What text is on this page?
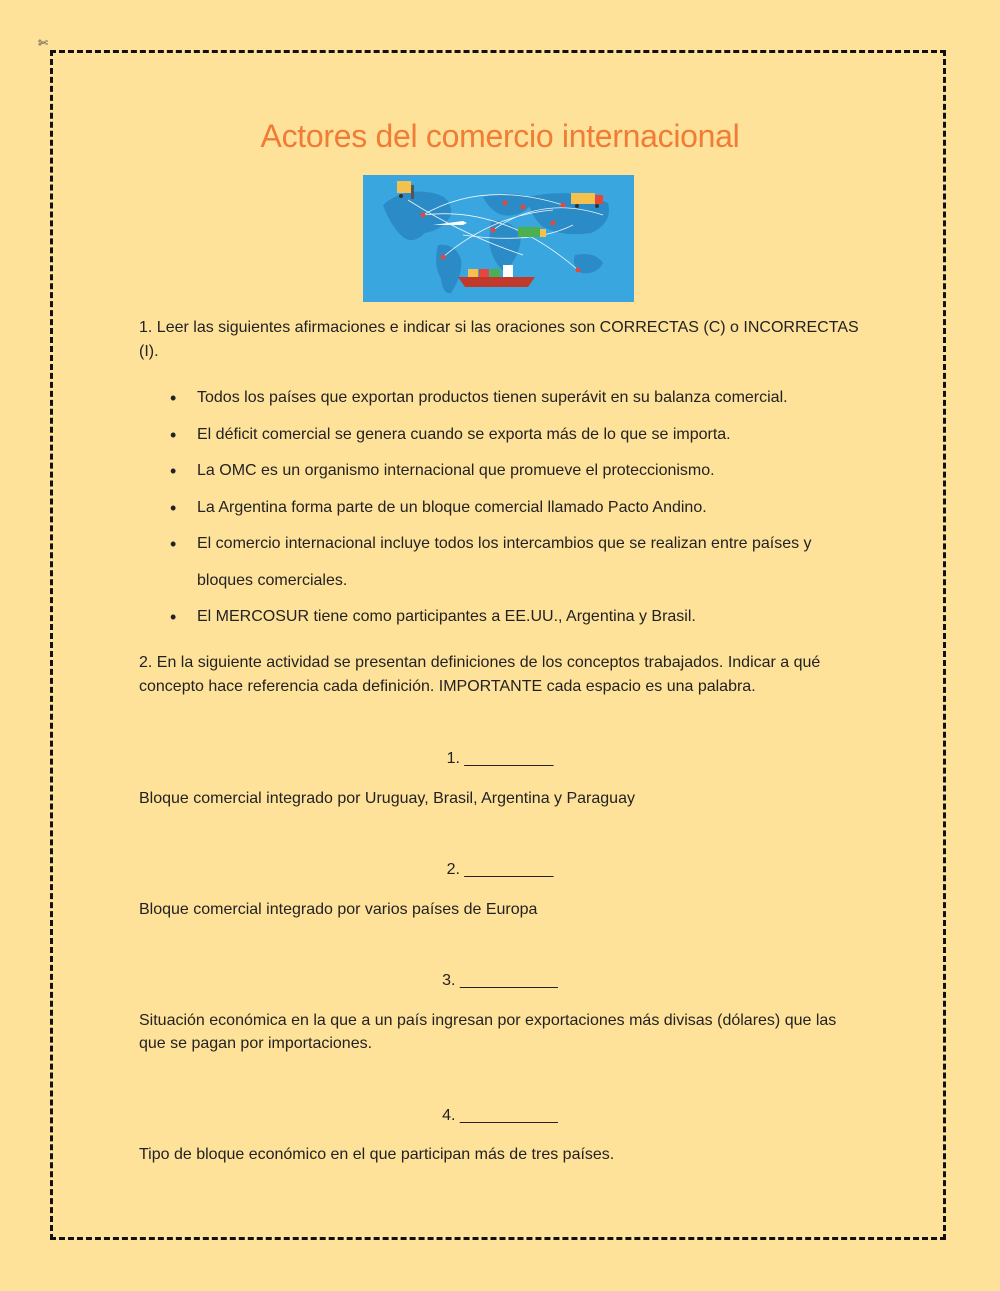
✄
Actores del comercio internacional
1. Leer las siguientes afirmaciones e indicar si las oraciones son CORRECTAS (C) o INCORRECTAS (I).
• Todos los países que exportan productos tienen superávit en su balanza comercial.
• El déficit comercial se genera cuando se exporta más de lo que se importa.
• La OMC es un organismo internacional que promueve el proteccionismo.
• La Argentina forma parte de un bloque comercial llamado Pacto Andino.
• El comercio internacional incluye todos los intercambios que se realizan entre países y bloques comerciales.
• El MERCOSUR tiene como participantes a EE.UU., Argentina y Brasil.
2. En la siguiente actividad se presentan definiciones de los conceptos trabajados. Indicar a qué concepto hace referencia cada definición. IMPORTANTE cada espacio es una palabra.
1. __________
Bloque comercial integrado por Uruguay, Brasil, Argentina y Paraguay
2. __________
Bloque comercial integrado por varios países de Europa
3. ___________
Situación económica en la que a un país ingresan por exportaciones más divisas (dólares) que las que se pagan por importaciones.
4. ___________
Tipo de bloque económico en el que participan más de tres países.
